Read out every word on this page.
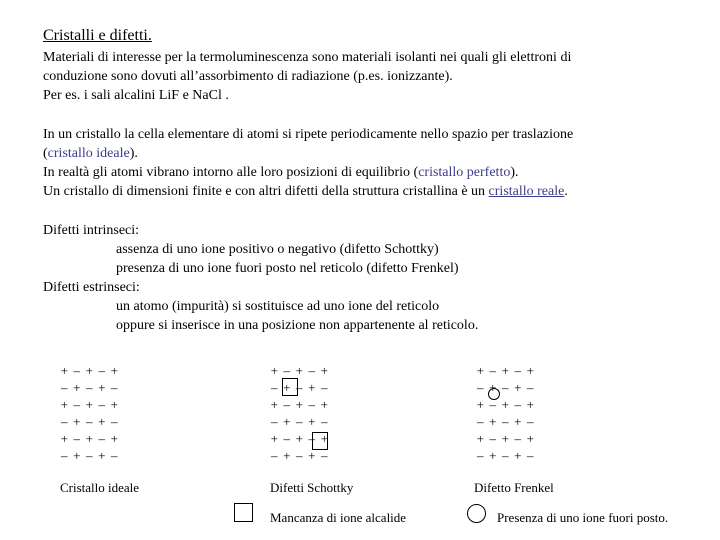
Cristalli e difetti.
Materiali di interesse per la termoluminescenza sono materiali isolanti nei quali gli elettroni di
conduzione sono dovuti all’assorbimento di radiazione (p.es. ionizzante).
Per es. i sali alcalini LiF e NaCl .
In un cristallo la cella elementare di atomi si ripete periodicamente nello spazio per traslazione
(cristallo ideale).
In realtà gli atomi vibrano intorno alle loro posizioni di equilibrio (cristallo perfetto).
Un cristallo di dimensioni finite e con altri difetti della struttura cristallina è un cristallo reale.
Difetti intrinseci:
assenza di uno ione positivo o negativo (difetto Schottky)
presenza di uno ione fuori posto nel reticolo (difetto Frenkel)
Difetti estrinseci:
un atomo (impurità) si sostituisce ad uno ione del reticolo
oppure si inserisce in una posizione non appartenente al reticolo.
+ – + – +
– + – + –
+ – + – +
– + – + –
+ – + – +
– + – + –
+ – + – +
– + – + –
+ – + – +
– + – + –
+ – + – +
– + – + –
+ – + – +
– + – + –
+ – + – +
– + – + –
+ – + – +
– + – + –
Cristallo ideale	Difetti Schottky	Difetto Frenkel
Mancanza di ione alcalide	Presenza di uno ione fuori posto.
